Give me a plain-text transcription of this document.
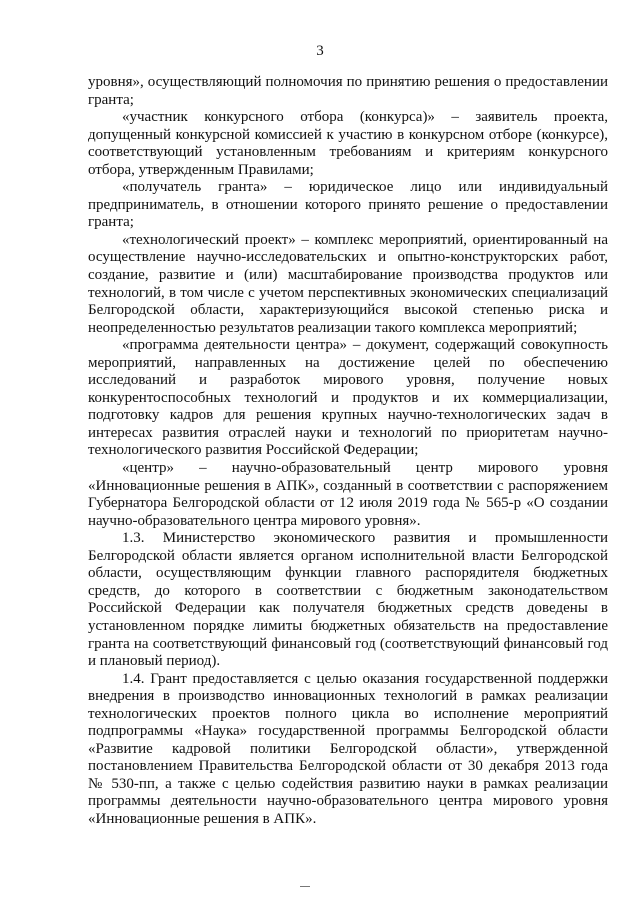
3

уровня», осуществляющий полномочия по принятию решения о предоставлении гранта;

«участник конкурсного отбора (конкурса)» – заявитель проекта, допущенный конкурсной комиссией к участию в конкурсном отборе (конкурсе), соответствующий установленным требованиям и критериям конкурсного отбора, утвержденным Правилами;

«получатель гранта» – юридическое лицо или индивидуальный предприниматель, в отношении которого принято решение о предоставлении гранта;

«технологический проект» – комплекс мероприятий, ориентированный на осуществление научно-исследовательских и опытно-конструкторских работ, создание, развитие и (или) масштабирование производства продуктов или технологий, в том числе с учетом перспективных экономических специализаций Белгородской области, характеризующийся высокой степенью риска и неопределенностью результатов реализации такого комплекса мероприятий;

«программа деятельности центра» – документ, содержащий совокупность мероприятий, направленных на достижение целей по обеспечению исследований и разработок мирового уровня, получение новых конкурентоспособных технологий и продуктов и их коммерциализации, подготовку кадров для решения крупных научно-технологических задач в интересах развития отраслей науки и технологий по приоритетам научно-технологического развития Российской Федерации;

«центр» – научно-образовательный центр мирового уровня «Инновационные решения в АПК», созданный в соответствии с распоряжением Губернатора Белгородской области от 12 июля 2019 года № 565-р «О создании научно-образовательного центра мирового уровня».

1.3. Министерство экономического развития и промышленности Белгородской области является органом исполнительной власти Белгородской области, осуществляющим функции главного распорядителя бюджетных средств, до которого в соответствии с бюджетным законодательством Российской Федерации как получателя бюджетных средств доведены в установленном порядке лимиты бюджетных обязательств на предоставление гранта на соответствующий финансовый год (соответствующий финансовый год и плановый период).

1.4. Грант предоставляется с целью оказания государственной поддержки внедрения в производство инновационных технологий в рамках реализации технологических проектов полного цикла во исполнение мероприятий подпрограммы «Наука» государственной программы Белгородской области «Развитие кадровой политики Белгородской области», утвержденной постановлением Правительства Белгородской области от 30 декабря 2013 года № 530-пп, а также с целью содействия развитию науки в рамках реализации программы деятельности научно-образовательного центра мирового уровня «Инновационные решения в АПК».
